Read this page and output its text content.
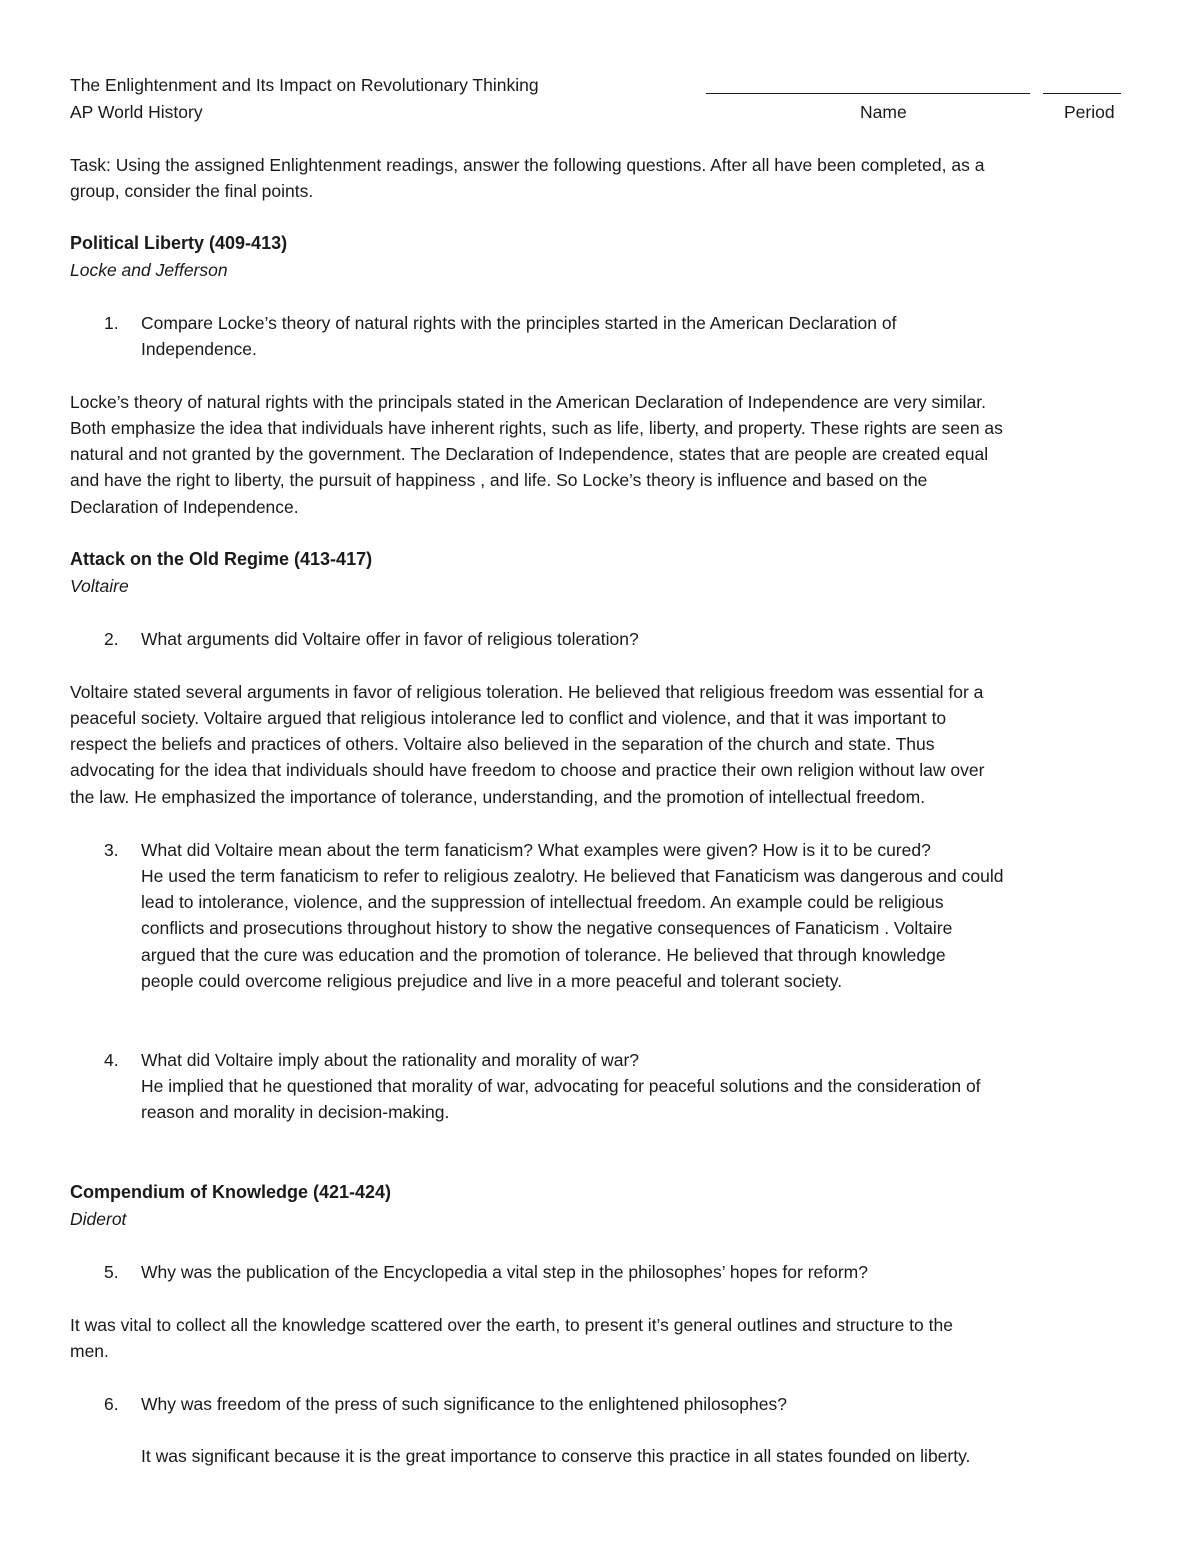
The Enlightenment and Its Impact on Revolutionary Thinking
AP World History	Name	Period
Task: Using the assigned Enlightenment readings, answer the following questions. After all have been completed, as a
group, consider the final points.
Political Liberty (409-413)
Locke and Jefferson
1. Compare Locke’s theory of natural rights with the principles started in the American Declaration of
Independence.
Locke’s theory of natural rights with the principals stated in the American Declaration of Independence are very similar.
Both emphasize the idea that individuals have inherent rights, such as life, liberty, and property. These rights are seen as
natural and not granted by the government. The Declaration of Independence, states that are people are created equal
and have the right to liberty, the pursuit of happiness , and life. So Locke’s theory is influence and based on the
Declaration of Independence.
Attack on the Old Regime (413-417)
Voltaire
2. What arguments did Voltaire offer in favor of religious toleration?
Voltaire stated several arguments in favor of religious toleration. He believed that religious freedom was essential for a
peaceful society. Voltaire argued that religious intolerance led to conflict and violence, and that it was important to
respect the beliefs and practices of others. Voltaire also believed in the separation of the church and state. Thus
advocating for the idea that individuals should have freedom to choose and practice their own religion without law over
the law. He emphasized the importance of tolerance, understanding, and the promotion of intellectual freedom.
3. What did Voltaire mean about the term fanaticism? What examples were given? How is it to be cured?
He used the term fanaticism to refer to religious zealotry. He believed that Fanaticism was dangerous and could
lead to intolerance, violence, and the suppression of intellectual freedom. An example could be religious
conflicts and prosecutions throughout history to show the negative consequences of Fanaticism . Voltaire
argued that the cure was education and the promotion of tolerance. He believed that through knowledge
people could overcome religious prejudice and live in a more peaceful and tolerant society.
4. What did Voltaire imply about the rationality and morality of war?
He implied that he questioned that morality of war, advocating for peaceful solutions and the consideration of
reason and morality in decision-making.
Compendium of Knowledge (421-424)
Diderot
5. Why was the publication of the Encyclopedia a vital step in the philosophes’ hopes for reform?
It was vital to collect all the knowledge scattered over the earth, to present it’s general outlines and structure to the
men.
6. Why was freedom of the press of such significance to the enlightened philosophes?
It was significant because it is the great importance to conserve this practice in all states founded on liberty.
